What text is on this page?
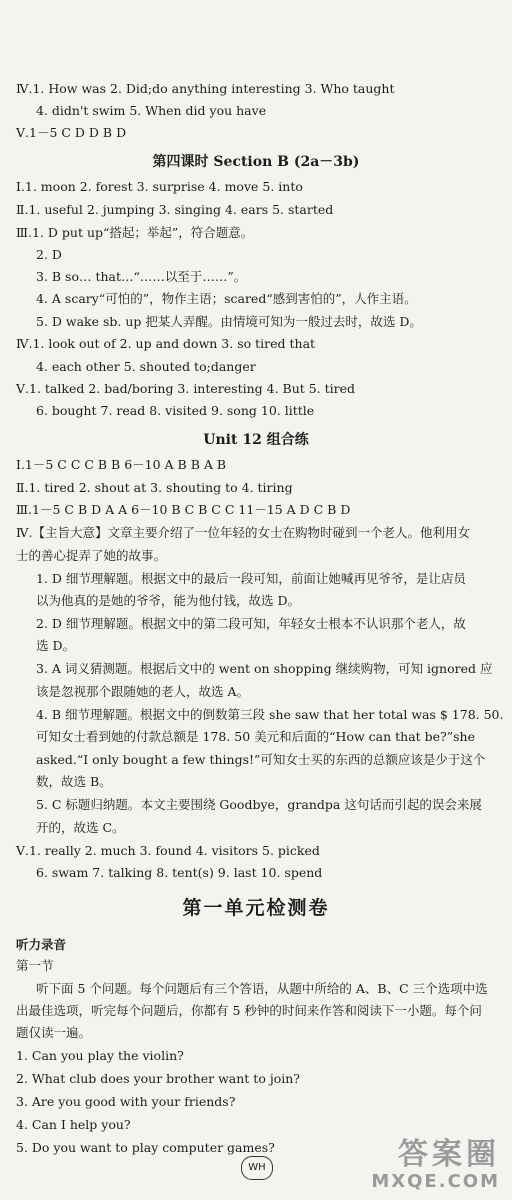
Ⅳ.1. How was 2. Did;do anything interesting 3. Who taught
4. didn't swim 5. When did you have
Ⅴ.1－5 C D D B D
第四课时 Section B (2a－3b)
Ⅰ.1. moon 2. forest 3. surprise 4. move 5. into
Ⅱ.1. useful 2. jumping 3. singing 4. ears 5. started
Ⅲ.1. D put up“搭起；举起”，符合题意。
2. D
3. B so… that…“……以至于……”。
4. A scary“可怕的”，物作主语；scared“感到害怕的”，人作主语。
5. D wake sb. up 把某人弄醒。由情境可知为一般过去时，故选 D。
Ⅳ.1. look out of 2. up and down 3. so tired that
4. each other 5. shouted to;danger
Ⅴ.1. talked 2. bad/boring 3. interesting 4. But 5. tired
6. bought 7. read 8. visited 9. song 10. little
Unit 12 组合练
Ⅰ.1－5 C C C B B 6－10 A B B A B
Ⅱ.1. tired 2. shout at 3. shouting to 4. tiring
Ⅲ.1－5 C B D A A 6－10 B C B C C 11－15 A D C B D
Ⅳ.【主旨大意】文章主要介绍了一位年轻的女士在购物时碰到一个老人。他利用女
士的善心捉弄了她的故事。
1. D 细节理解题。根据文中的最后一段可知，前面让她喊再见爷爷，是让店员
以为他真的是她的爷爷，能为他付钱，故选 D。
2. D 细节理解题。根据文中的第二段可知，年轻女士根本不认识那个老人，故
选 D。
3. A 词义猜测题。根据后文中的 went on shopping 继续购物，可知 ignored 应
该是忽视那个跟随她的老人，故选 A。
4. B 细节理解题。根据文中的倒数第三段 she saw that her total was $ 178. 50.
可知女士看到她的付款总额是 178. 50 美元和后面的“How can that be?”she
asked.“I only bought a few things!”可知女士买的东西的总额应该是少于这个
数，故选 B。
5. C 标题归纳题。本文主要围绕 Goodbye，grandpa 这句话而引起的误会来展
开的，故选 C。
Ⅴ.1. really 2. much 3. found 4. visitors 5. picked
6. swam 7. talking 8. tent(s) 9. last 10. spend
第一单元检测卷
听力录音
第一节
听下面 5 个问题。每个问题后有三个答语，从题中所给的 A、B、C 三个选项中选
出最佳选项，听完每个问题后，你都有 5 秒钟的时间来作答和阅读下一小题。每个问
题仅读一遍。
1. Can you play the violin?
2. What club does your brother want to join?
3. Are you good with your friends?
4. Can I help you?
5. Do you want to play computer games?
WH	答案圈
MXQE.COM
